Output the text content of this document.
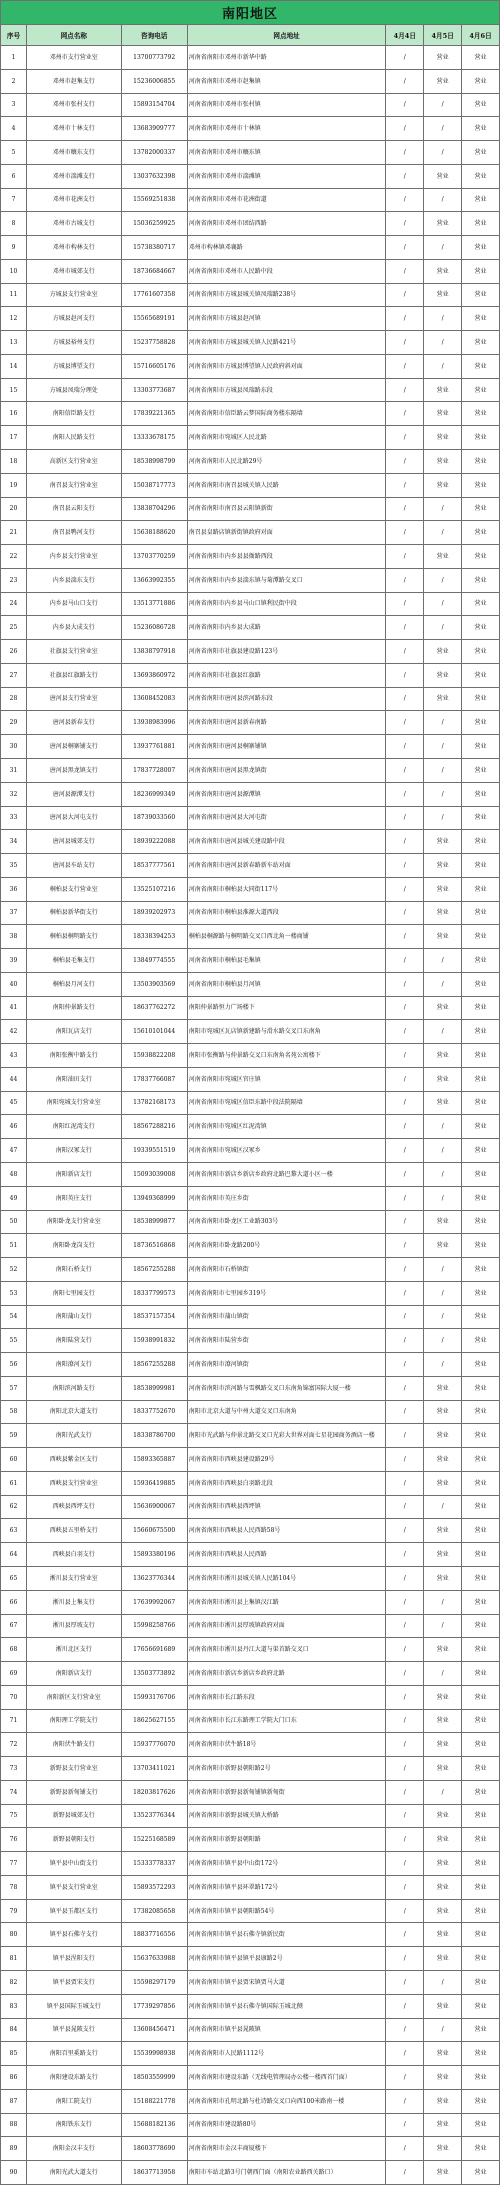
南阳地区						
序号	网点名称	咨询电话	网点地址	4月4日	4月5日	4月6日
1	邓州市支行营业室	13700773792	河南省南阳市邓州市新华中路	/	营业	营业
2	邓州市赵集支行	15236006855	河南省南阳市邓州市赵集镇	/	营业	营业
3	邓州市张村支行	15893154704	河南省南阳市邓州市张村镇	/	/	营业
4	邓州市十林支行	13683909777	河南省南阳市邓州市十林镇	/	/	营业
5	邓州市穰东支行	13782000337	河南省南阳市邓州市穰东镇	/	/	营业
6	邓州市湍滩支行	13037632398	河南省南阳市邓州市湍滩镇	/	营业	营业
7	邓州市花洲支行	15569251838	河南省南阳市邓州市花洲街道	/	/	营业
8	邓州市古城支行	15036259925	河南省南阳市邓州市团结西路	/	营业	营业
9	邓州市构林支行	15738380717	邓州市构林镇邓襄路	/	/	营业
10	邓州市城郊支行	18736684667	河南省南阳市邓州市人民路中段	/	营业	营业
11	方城县支行营业室	17761607358	河南省南阳市方城县城关镇凤瑞路238号	/	营业	营业
12	方城县赵河支行	15565689191	河南省南阳市方城县赵河镇	/	/	营业
13	方城县裕州支行	15237758828	河南省南阳市方城县城关镇人民路421号	/	/	营业
14	方城县博望支行	15716605176	河南省南阳市方城县博望镇人民政府斜对面	/	/	营业
15	方城县凤瑞分理处	13303773687	河南省南阳市方城县凤瑞路东段	/	营业	营业
16	南阳信臣路支行	17839221365	河南省南阳市信臣路云梦国际商务楼东隔墙	/	营业	营业
17	南阳人民路支行	13333678175	河南省南阳市宛城区人民北路	/	营业	营业
18	高新区支行营业室	18538998799	河南省南阳市人民北路29号	/	营业	营业
19	南召县支行营业室	15038717773	河南省南阳市南召县城关镇人民路	/	营业	营业
20	南召县云阳支行	13838704296	河南省南阳市南召县云阳镇新街	/	/	营业
21	南召县鸭河支行	15638188620	南召县皇路店镇新街镇政府对面	/	/	营业
22	内乡县支行营业室	13703770259	河南省南阳市内乡县县衙路西段	/	营业	营业
23	内乡县湍东支行	13663992355	河南省南阳市内乡县湍东镇与菊潭路交叉口	/	/	营业
24	内乡县马山口支行	13513771886	河南省南阳市内乡县马山口镇利民街中段	/	/	营业
25	内乡县大成支行	15236086728	河南省南阳市内乡县大成路	/	/	营业
26	社旗县支行营业室	13838797918	河南省南阳市社旗县建设路123号	/	营业	营业
27	社旗县红旗路支行	13693860972	河南省南阳市社旗县红旗路	/	营业	营业
28	唐河县支行营业室	13608452083	河南省南阳市唐河县滨河路东段	/	营业	营业
29	唐河县新春支行	13938983996	河南省南阳市唐河县新春南路	/	/	营业
30	唐河县桐寨铺支行	13937761881	河南省南阳市唐河县桐寨铺镇	/	/	营业
31	唐河县黑龙镇支行	17837728007	河南省南阳市唐河县黑龙镇街	/	/	营业
32	唐河县源潭支行	18236999349	河南省南阳市唐河县源潭镇	/	/	营业
33	唐河县大河屯支行	18739033560	河南省南阳市唐河县大河屯街	/	/	营业
34	唐河县城郊支行	18939222088	河南省南阳市唐河县城关建设路中段	/	营业	营业
35	唐河县车站支行	18537777561	河南省南阳市唐河县新春路新车站对面	/	营业	营业
36	桐柏县支行营业室	13525107216	河南省南阳市桐柏县大同街117号	/	营业	营业
37	桐柏县新华街支行	18939202973	河南省南阳市桐柏县淮源大道西段	/	营业	营业
38	桐柏县桐明路支行	18338394253	桐柏县桐源路与桐明路交叉口西北角一楼商铺	/	营业	营业
39	桐柏县毛集支行	13849774555	河南省南阳市桐柏县毛集镇	/	/	营业
40	桐柏县月河支行	13503903569	河南省南阳市桐柏县月河镇	/	/	营业
41	南阳仲景路支行	18637762272	南阳仲景路恒力广场楼下	/	营业	营业
42	南阳瓦店支行	15610101044	南阳市宛城区瓦店镇新建路与滑水路交叉口东南角	/	/	营业
43	南阳张衡中路支行	15938822208	南阳市张衡路与仲景路交叉口东南角名苑公寓楼下	/	营业	营业
44	南阳油田支行	17837766087	河南省南阳市宛城区官庄镇	/	营业	营业
45	南阳宛城支行营业室	13782168173	河南省南阳市宛城区信臣东路中段法院隔墙	/	营业	营业
46	南阳红泥湾支行	18567288216	河南省南阳市宛城区红泥湾镇	/	/	营业
47	南阳汉冢支行	19339551519	河南省南阳市宛城区汉冢乡	/	/	营业
48	南阳新店支行	15093039008	河南省南阳市新店乡新店乡政府北路巴黎大道小区一楼	/	/	营业
49	南阳英庄支行	13949368999	河南省南阳市英庄乡街	/	/	营业
50	南阳卧龙支行营业室	18538999877	河南省南阳市卧龙区工业路303号	/	营业	营业
51	南阳卧龙岗支行	18736516868	河南省南阳市卧龙路200号	/	营业	营业
52	南阳石桥支行	18567255288	河南省南阳市石桥镇街	/	/	营业
53	南阳七里园支行	18337799573	河南省南阳市七里园乡319号	/	/	营业
54	南阳蒲山支行	18537157354	河南省南阳市蒲山镇街	/	/	营业
55	南阳陆营支行	15938991832	河南省南阳市陆营乡街	/	/	营业
56	南阳潦河支行	18567255288	河南省南阳市潦河镇街	/	/	营业
57	南阳滨河路支行	18538999981	河南省南阳市滨河路与雪枫路交叉口东南角锦富国际大厦一楼	/	营业	营业
58	南阳北京大道支行	18337752670	南阳市北京大道与中州大道交叉口东南角	/	营业	营业
59	南阳光武支行	18338786700	南阳市光武路与仲景北路交叉口光彩大世界对面七星花园商务酒店一楼	/	营业	营业
60	西峡县紫金区支行	15893365887	河南省南阳市西峡县建设路29号	/	营业	营业
61	西峡县支行营业室	15936419885	河南省南阳市西峡县白羽路北段	/	营业	营业
62	西峡县西坪支行	15636900067	河南省南阳市西峡县西坪镇	/	/	营业
63	西峡县五里桥支行	15660675500	河南省南阳市西峡县人民西路58号	/	营业	营业
64	西峡县白羽支行	15893380196	河南省南阳市西峡县人民西路	/	营业	营业
65	淅川县支行营业室	13623776344	河南省南阳市淅川县城关镇人民路104号	/	营业	营业
66	淅川县上集支行	17639992067	河南省南阳市淅川县上集镇汉江路	/	/	营业
67	淅川县厚坡支行	15998258766	河南省南阳市淅川县厚坡镇政府对面	/	/	营业
68	淅川北区支行	17656691689	河南省南阳市淅川县丹江大道与渠首路交叉口	/	营业	营业
69	南阳新店支行	13503773892	河南省南阳市新店乡新店乡政府北路	/	/	营业
70	南阳新区支行营业室	15993176706	河南省南阳市长江路东段	/	营业	营业
71	南阳理工学院支行	18625627155	河南省南阳市长江东路理工学院大门口东	/	营业	营业
72	南阳伏牛路支行	15937776070	河南省南阳市伏牛路18号	/	营业	营业
73	新野县支行营业室	13703411021	河南省南阳市新野县朝阳路2号	/	营业	营业
74	新野县新甸铺支行	18203817626	河南省南阳市新野县新甸铺镇新甸街	/	/	营业
75	新野县城郊支行	13523776344	河南省南阳市新野县城关镇大桥路	/	营业	营业
76	新野县朝阳支行	15225168589	河南省南阳市新野县朝阳路	/	营业	营业
77	镇平县中山街支行	15333778337	河南省南阳市镇平县中山街172号	/	营业	营业
78	镇平县支行营业室	15893572293	河南省南阳市镇平县环翠路172号	/	营业	营业
79	镇平县玉都区支行	17382085658	河南省南阳市镇平县朝阳路54号	/	营业	营业
80	镇平县石佛寺支行	18837716556	河南省南阳市镇平县石佛寺镇新民街	/	营业	营业
81	镇平县涅阳支行	15637633988	河南省南阳市镇平县镇平县康路2号	/	营业	营业
82	镇平县贾宋支行	15598297179	河南省南阳市镇平县贾宋镇贾马大道	/	/	营业
83	镇平县国际玉城支行	17739297856	河南省南阳市镇平县石佛寺镇国际玉城北侧	/	营业	营业
84	镇平县晁陂支行	13608456471	河南省南阳市镇平县晁陂镇	/	/	营业
85	南阳百里奚路支行	15539998938	河南省南阳市人民路1112号	/	营业	营业
86	南阳建设东路支行	18503559999	河南省南阳市建设东路（无线电管理局办公楼一楼西首门面）	/	营业	营业
87	南阳工院支行	15188221778	河南省南阳市孔明北路与杜诗路交叉口向西100米路南一楼	/	营业	营业
88	南阳铁东支行	15688182136	河南省南阳市建设路80号	/	营业	营业
89	南阳金汉丰支行	18603778690	河南省南阳市金汉丰商厦楼下	/	营业	营业
90	南阳光武大道支行	18637713958	南阳市车站北路3号门朝西门面（南阳农业路西关路口）	/	营业	营业
